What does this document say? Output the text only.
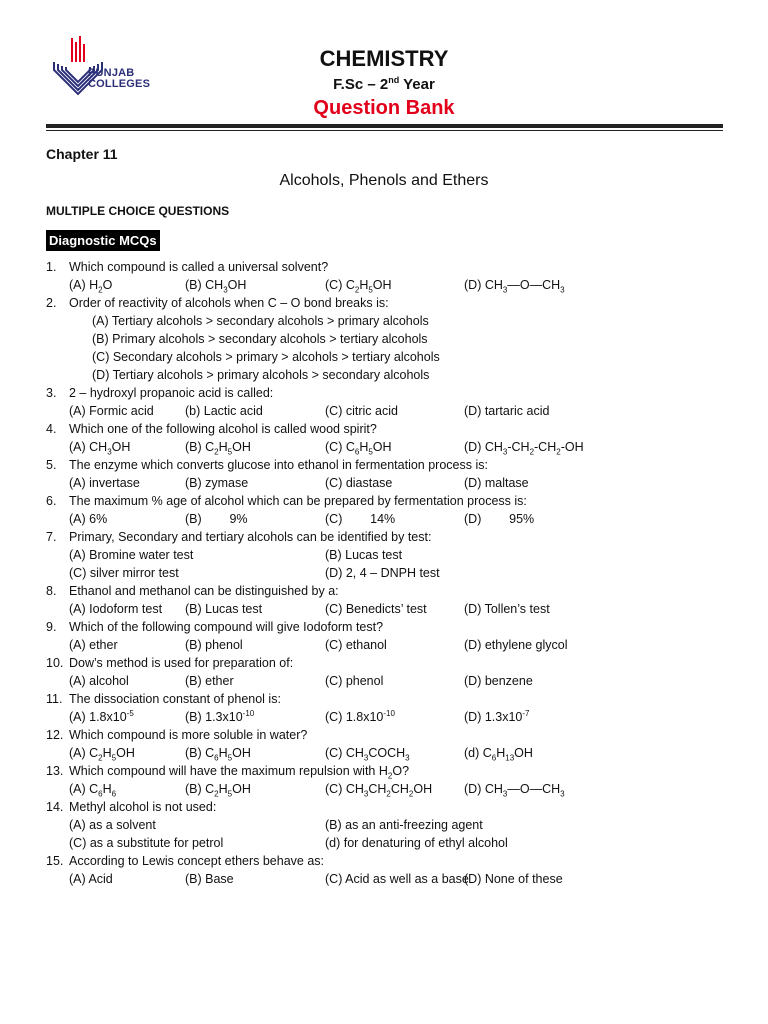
PUNJAB
COLLEGES
CHEMISTRY
F.Sc – 2nd Year
Question Bank
Chapter 11
Alcohols, Phenols and Ethers
MULTIPLE CHOICE QUESTIONS
Diagnostic MCQs
1. Which compound is called a universal solvent?
(A) $H_2O$	(B) $CH_3OH$	(C) $C_2H_5OH$	(D) $CH_3—O—CH_3$
2. Order of reactivity of alcohols when C – O bond breaks is:
(A) Tertiary alcohols > secondary alcohols > primary alcohols
(B) Primary alcohols > secondary alcohols > tertiary alcohols
(C) Secondary alcohols > primary > alcohols > tertiary alcohols
(D) Tertiary alcohols > primary alcohols > secondary alcohols
3. 2 – hydroxyl propanoic acid is called:
(A) Formic acid	(b) Lactic acid	(C) citric acid	(D) tartaric acid
4. Which one of the following alcohol is called wood spirit?
(A) $CH_3OH$	(B) $C_2H_5OH$	(C) $C_6H_5OH$	(D) $CH_3-CH_2-CH_2-OH$
5. The enzyme which converts glucose into ethanol in fermentation process is:
(A) invertase	(B) zymase	(C) diastase	(D) maltase
6. The maximum % age of alcohol which can be prepared by fermentation process is:
(A) 6%	(B)        9%	(C)        14%	(D)        95%
7. Primary, Secondary and tertiary alcohols can be identified by test:
(A) Bromine water test	(B) Lucas test
(C) silver mirror test	(D) 2, 4 – DNPH test
8. Ethanol and methanol can be distinguished by a:
(A) Iodoform test (B) Lucas test	(C) Benedicts’ test	(D) Tollen’s test
9. Which of the following compound will give Iodoform test?
(A) ether	(B) phenol	(C) ethanol	(D) ethylene glycol
10. Dow’s method is used for preparation of:
(A) alcohol	(B) ether	(C) phenol	(D) benzene
11. The dissociation constant of phenol is:
(A) $1.8x10^{-5}$	(B) $1.3x10^{-10}$	(C) $1.8x10^{-10}$	(D) $1.3x10^{-7}$
12. Which compound is more soluble in water?
(A) $C_2H_5OH$	(B) $C_6H_5OH$	(C) $CH_3COCH_3$	(d) $C_6H_{13}OH$
13. Which compound will have the maximum repulsion with $H_2O$?
(A) $C_6H_6$	(B) $C_2H_5OH$	(C) $CH_3CH_2CH_2OH$	(D) $CH_3—O—CH_3$
14. Methyl alcohol is not used:
(A) as a solvent	(B) as an anti-freezing agent
(C) as a substitute for petrol	(d) for denaturing of ethyl alcohol
15. According to Lewis concept ethers behave as:
(A) Acid	(B) Base	(C) Acid as well as a base
(D) None of these
